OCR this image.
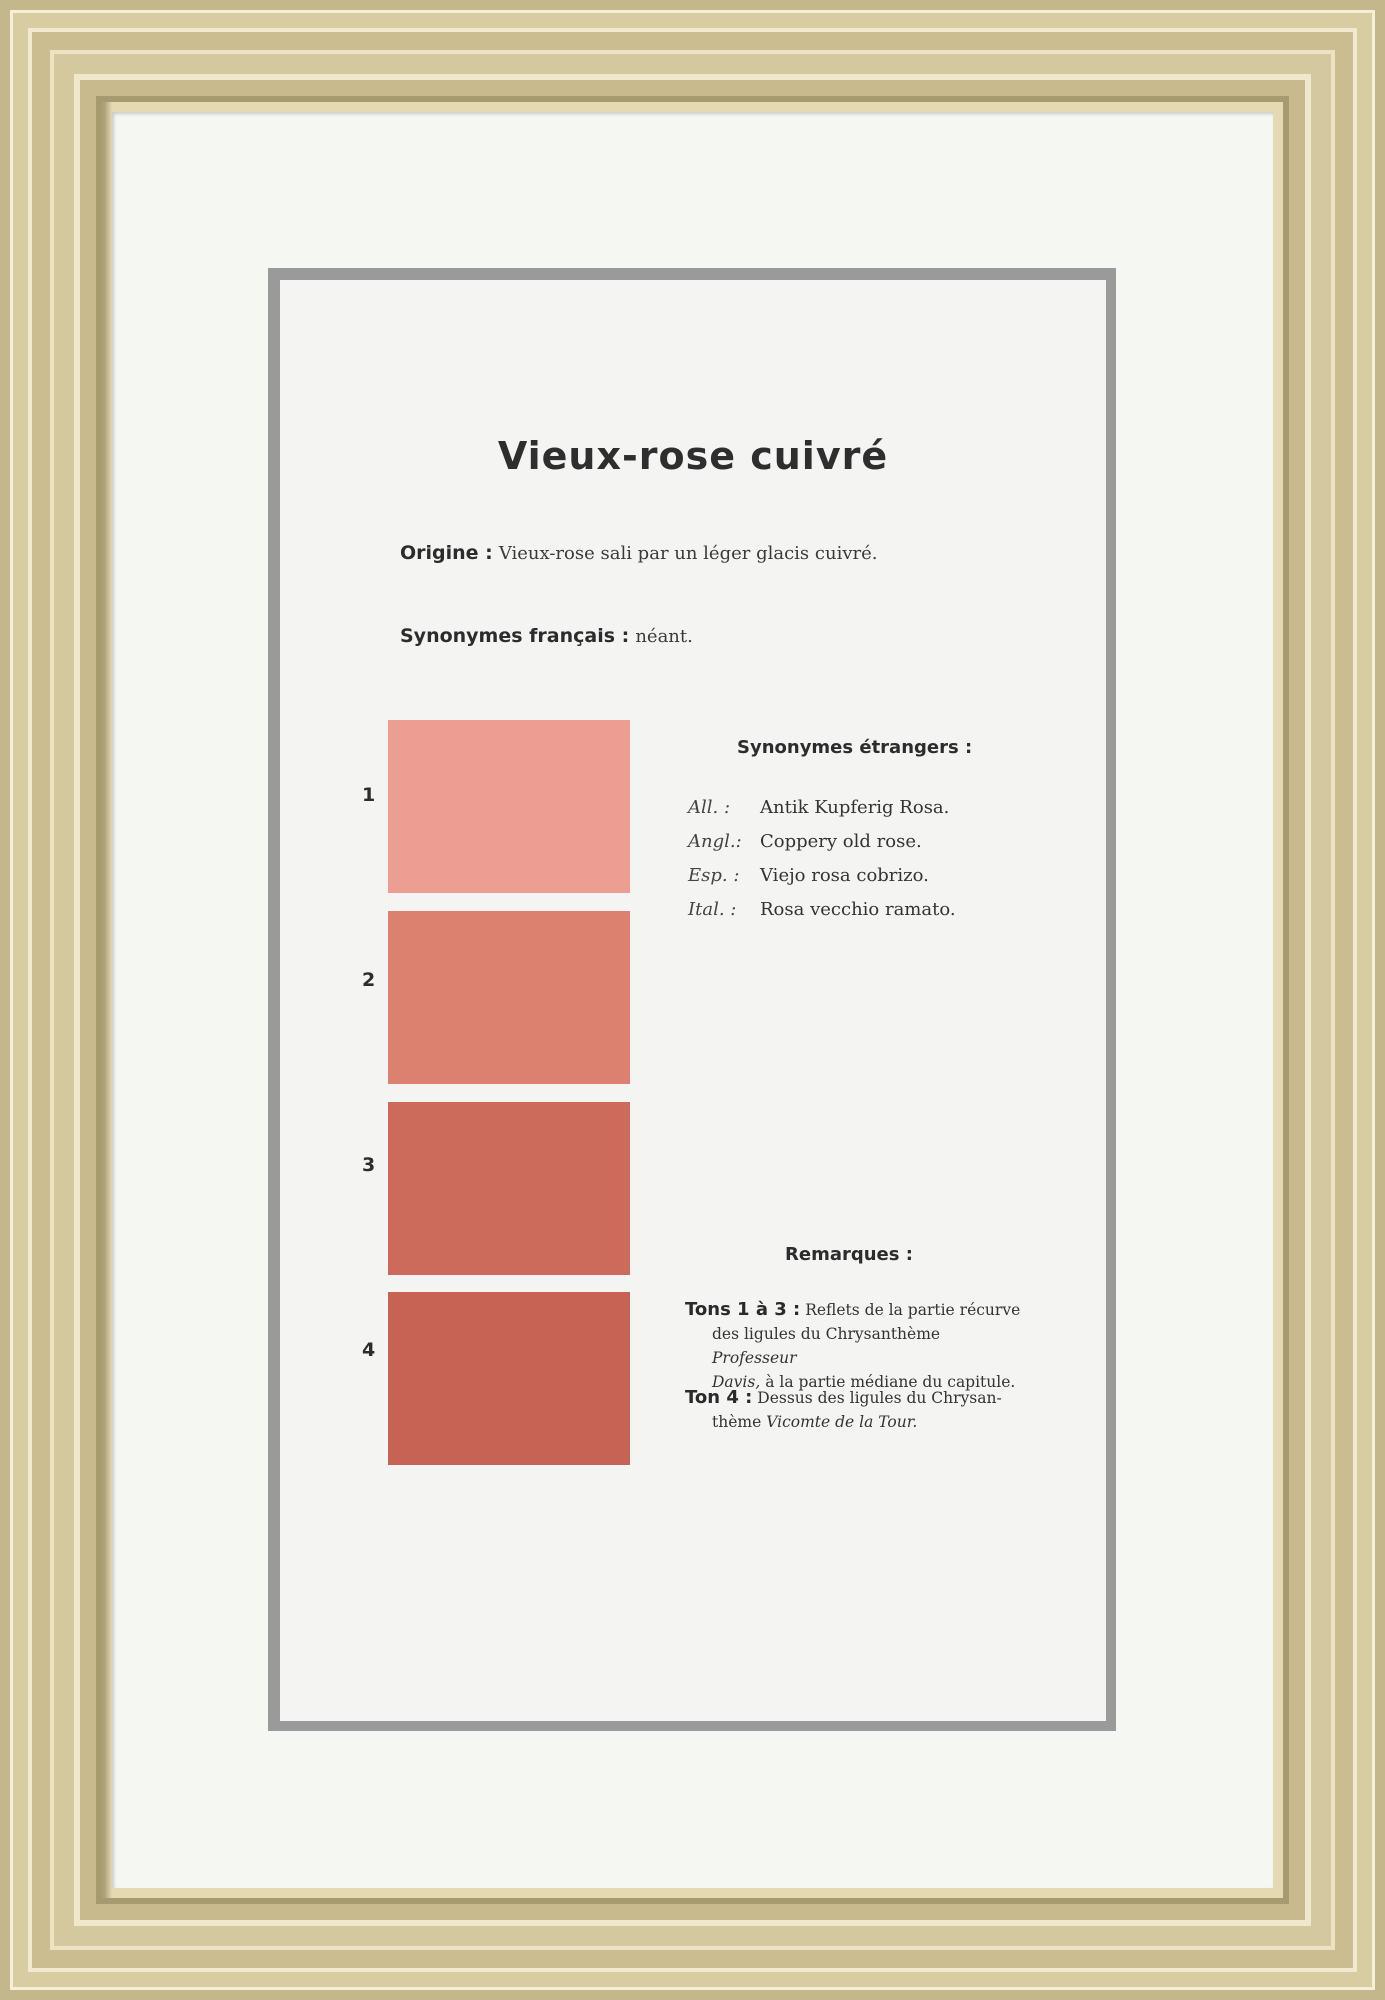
Vieux-rose cuivré
Origine : Vieux-rose sali par un léger glacis cuivré.
Synonymes français : néant.
1
2
3
4
Synonymes étrangers :
All. : Antik Kupferig Rosa.
Angl.: Coppery old rose.
Esp. : Viejo rosa cobrizo.
Ital. : Rosa vecchio ramato.
Remarques :
Tons 1 à 3 : Reflets de la partie récurve
des ligules du Chrysanthème Professeur
Davis, à la partie médiane du capitule.
Ton 4 : Dessus des ligules du Chrysan-
thème Vicomte de la Tour.
